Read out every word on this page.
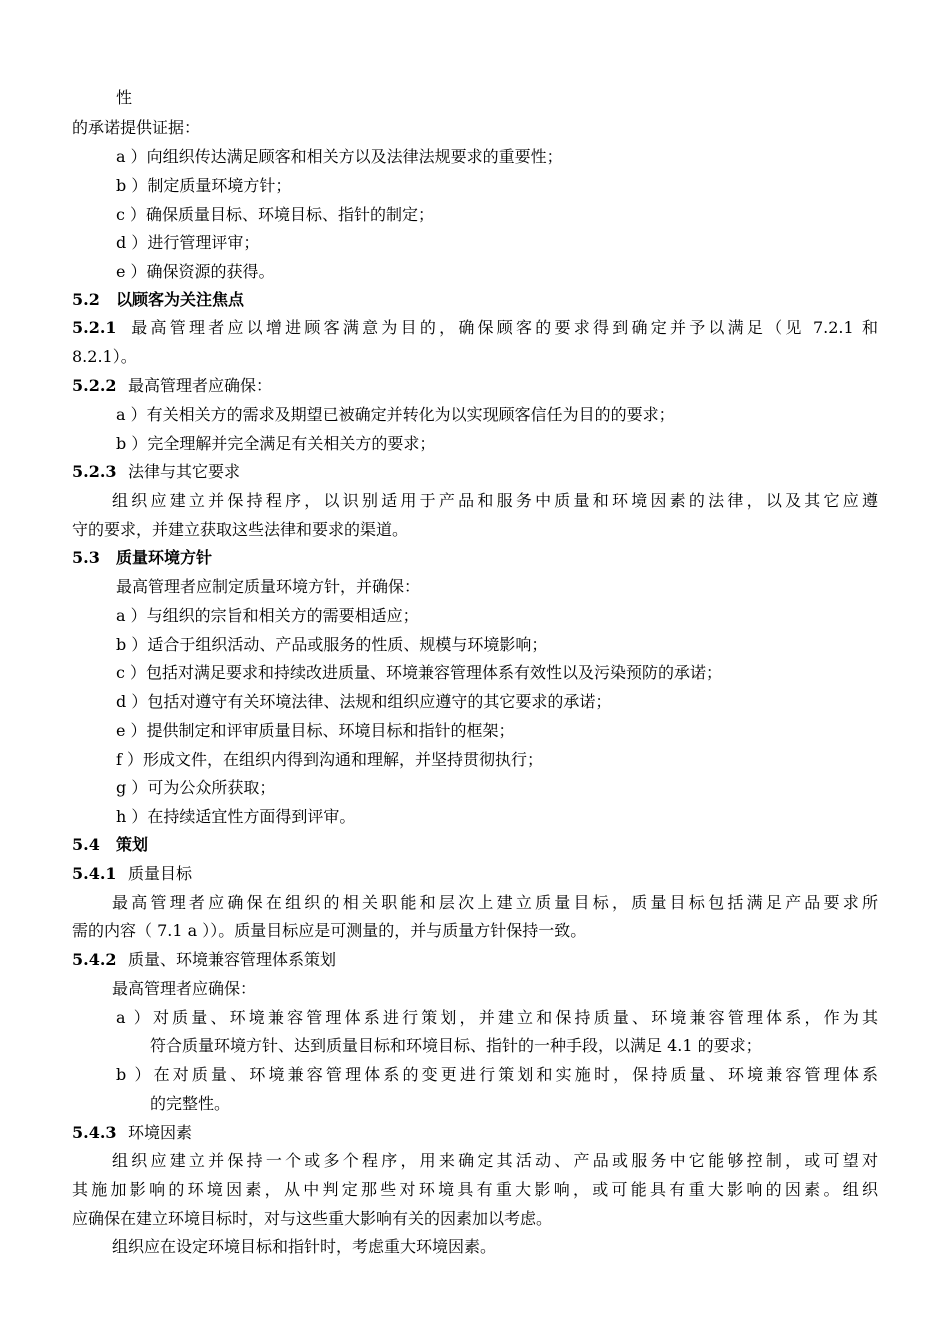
性
的承诺提供证据：
a ）向组织传达满足顾客和相关方以及法律法规要求的重要性；
b ）制定质量环境方针；
c ）确保质量目标、环境目标、指针的制定；
d ）进行管理评审；
e ）确保资源的获得。
5.2 以顾客为关注焦点
5.2.1 最高管理者应以增进顾客满意为目的，确保顾客的要求得到确定并予以满足（见 7.2.1 和
8.2.1）。
5.2.2 最高管理者应确保：
a ）有关相关方的需求及期望已被确定并转化为以实现顾客信任为目的的要求；
b ）完全理解并完全满足有关相关方的要求；
5.2.3 法律与其它要求
组织应建立并保持程序，以识别适用于产品和服务中质量和环境因素的法律，以及其它应遵
守的要求，并建立获取这些法律和要求的渠道。
5.3 质量环境方针
最高管理者应制定质量环境方针，并确保：
a ）与组织的宗旨和相关方的需要相适应；
b ）适合于组织活动、产品或服务的性质、规模与环境影响；
c ）包括对满足要求和持续改进质量、环境兼容管理体系有效性以及污染预防的承诺；
d ）包括对遵守有关环境法律、法规和组织应遵守的其它要求的承诺；
e ）提供制定和评审质量目标、环境目标和指针的框架；
f ）形成文件，在组织内得到沟通和理解，并坚持贯彻执行；
g ）可为公众所获取；
h ）在持续适宜性方面得到评审。
5.4 策划
5.4.1 质量目标
最高管理者应确保在组织的相关职能和层次上建立质量目标，质量目标包括满足产品要求所
需的内容（ 7.1 a ））。质量目标应是可测量的，并与质量方针保持一致。
5.4.2 质量、环境兼容管理体系策划
最高管理者应确保：
a ）对质量、环境兼容管理体系进行策划，并建立和保持质量、环境兼容管理体系，作为其
符合质量环境方针、达到质量目标和环境目标、指针的一种手段，以满足 4.1 的要求；
b ）在对质量、环境兼容管理体系的变更进行策划和实施时，保持质量、环境兼容管理体系
的完整性。
5.4.3 环境因素
组织应建立并保持一个或多个程序，用来确定其活动、产品或服务中它能够控制，或可望对
其施加影响的环境因素，从中判定那些对环境具有重大影响，或可能具有重大影响的因素。组织
应确保在建立环境目标时，对与这些重大影响有关的因素加以考虑。
组织应在设定环境目标和指针时，考虑重大环境因素。
